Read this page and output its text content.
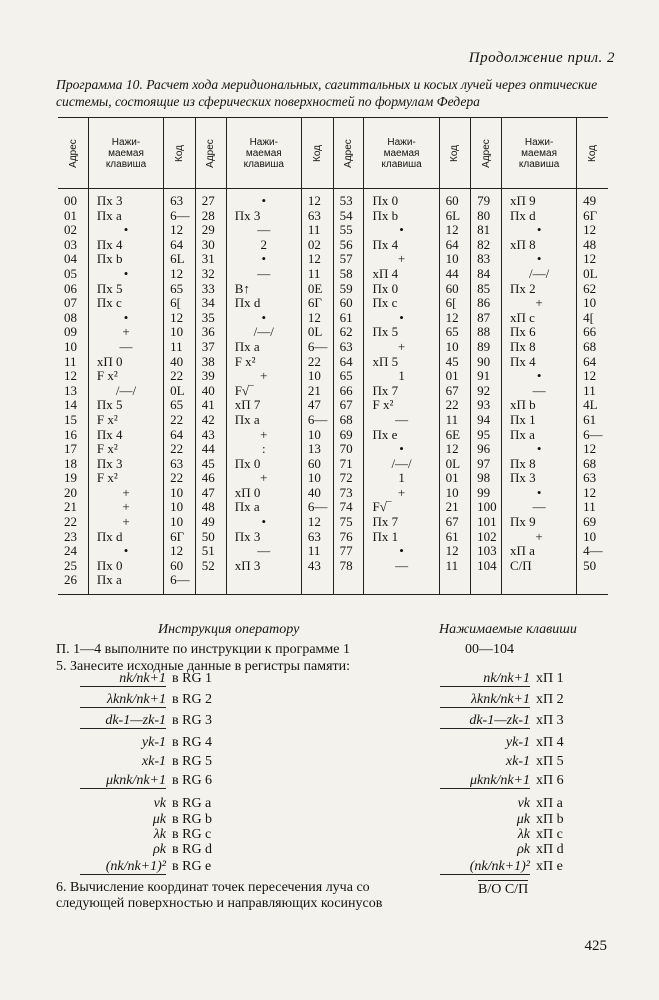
Продолжение прил. 2
Программа 10. Расчет хода меридиональных, сагиттальных и косых лучей через оптические системы, состоящие из сферических поверхностей по формулам Федера
Адрес	Нажи-
маемая
клавиша	Код	Адрес	Нажи-
маемая
клавиша	Код	Адрес	Нажи-
маемая
клавиша	Код	Адрес	Нажи-
маемая
клавиша	Код
00	Пх 3	63	27	•	12	53	Пх 0	60	79	хП 9	49
01	Пх a	6—	28	Пх 3	63	54	Пх b	6L	80	Пх d	6Г
02	•	12	29	—	11	55	•	12	81	•	12
03	Пх 4	64	30	2	02	56	Пх 4	64	82	хП 8	48
04	Пх b	6L	31	•	12	57	+	10	83	•	12
05	•	12	32	—	11	58	хП 4	44	84	/—/	0L
06	Пх 5	65	33	В↑	0E	59	Пх 0	60	85	Пх 2	62
07	Пх c	6[	34	Пх d	6Г	60	Пх c	6[	86	+	10
08	•	12	35	•	12	61	•	12	87	хП c	4[
09	+	10	36	/—/	0L	62	Пх 5	65	88	Пх 6	66
10	—	11	37	Пх a	6—	63	+	10	89	Пх 8	68
11	хП 0	40	38	F x²	22	64	хП 5	45	90	Пх 4	64
12	F x²	22	39	+	10	65	1	01	91	•	12
13	/—/	0L	40	F√‾	21	66	Пх 7	67	92	—	11
14	Пх 5	65	41	хП 7	47	67	F x²	22	93	хП b	4L
15	F x²	22	42	Пх a	6—	68	—	11	94	Пх 1	61
16	Пх 4	64	43	+	10	69	Пх e	6E	95	Пх a	6—
17	F x²	22	44	:	13	70	•	12	96	•	12
18	Пх 3	63	45	Пх 0	60	71	/—/	0L	97	Пх 8	68
19	F x²	22	46	+	10	72	1	01	98	Пх 3	63
20	+	10	47	хП 0	40	73	+	10	99	•	12
21	+	10	48	Пх a	6—	74	F√‾	21	100	—	11
22	+	10	49	•	12	75	Пх 7	67	101	Пх 9	69
23	Пх d	6Г	50	Пх 3	63	76	Пх 1	61	102	+	10
24	•	12	51	—	11	77	•	12	103	хП a	4—
25	Пх 0	60	52	хП 3	43	78	—	11	104	С/П	50
26	Пх a	6—									
Инструкция оператору	Нажимаемые клавиши
П. 1—4 выполните по инструкции к программе 1
5. Занесите исходные данные в регистры памяти:
00—104
nk/nk+1 в RG 1
λknk/nk+1 в RG 2
dk-1—zk-1 в RG 3
yk-1 в RG 4
xk-1 в RG 5
μknk/nk+1 в RG 6
νk в RG a
μk в RG b
λk в RG c
ρk в RG d
(nk/nk+1)² в RG e
nk/nk+1 хП 1
λknk/nk+1 хП 2
dk-1—zk-1 хП 3
yk-1 хП 4
xk-1 хП 5
μknk/nk+1 хП 6
νk хП a
μk хП b
λk хП c
ρk хП d
(nk/nk+1)² хП e
6. Вычисление координат точек пересечения луча со следующей поверхностью и направляющих косинусов
В/О С/П
425
